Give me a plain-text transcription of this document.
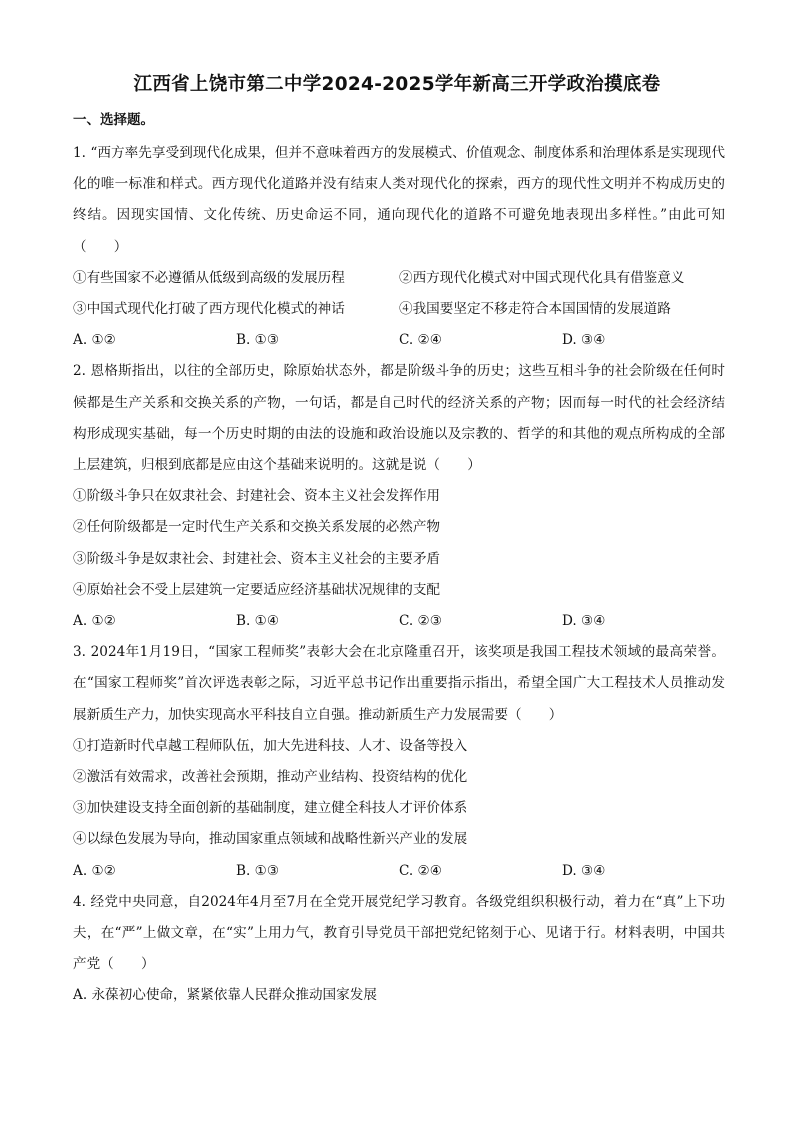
江西省上饶市第二中学2024-2025学年新高三开学政治摸底卷
一、选择题。

1. “西方率先享受到现代化成果，但并不意味着西方的发展模式、价值观念、制度体系和治理体系是实现现代化的唯一标准和样式。西方现代化道路并没有结束人类对现代化的探索，西方的现代性文明并不构成历史的终结。因现实国情、文化传统、历史命运不同，通向现代化的道路不可避免地表现出多样性。”由此可知（　　）

①有些国家不必遵循从低级到高级的发展历程	②西方现代化模式对中国式现代化具有借鉴意义
③中国式现代化打破了西方现代化模式的神话	④我国要坚定不移走符合本国国情的发展道路
A. ①②	B. ①③	C. ②④	D. ③④

2. 恩格斯指出，以往的全部历史，除原始状态外，都是阶级斗争的历史；这些互相斗争的社会阶级在任何时候都是生产关系和交换关系的产物，一句话，都是自己时代的经济关系的产物；因而每一时代的社会经济结构形成现实基础，每一个历史时期的由法的设施和政治设施以及宗教的、哲学的和其他的观点所构成的全部上层建筑，归根到底都是应由这个基础来说明的。这就是说（　　）

①阶级斗争只在奴隶社会、封建社会、资本主义社会发挥作用
②任何阶级都是一定时代生产关系和交换关系发展的必然产物
③阶级斗争是奴隶社会、封建社会、资本主义社会的主要矛盾
④原始社会不受上层建筑一定要适应经济基础状况规律的支配
A. ①②	B. ①④	C. ②③	D. ③④

3. 2024年1月19日，“国家工程师奖”表彰大会在北京隆重召开，该奖项是我国工程技术领域的最高荣誉。在“国家工程师奖”首次评选表彰之际，习近平总书记作出重要指示指出，希望全国广大工程技术人员推动发展新质生产力，加快实现高水平科技自立自强。推动新质生产力发展需要（　　）

①打造新时代卓越工程师队伍，加大先进科技、人才、设备等投入
②激活有效需求，改善社会预期，推动产业结构、投资结构的优化
③加快建设支持全面创新的基础制度，建立健全科技人才评价体系
④以绿色发展为导向，推动国家重点领域和战略性新兴产业的发展
A. ①②	B. ①③	C. ②④	D. ③④

4. 经党中央同意，自2024年4月至7月在全党开展党纪学习教育。各级党组织积极行动，着力在“真”上下功夫，在“严”上做文章，在“实”上用力气，教育引导党员干部把党纪铭刻于心、见诸于行。材料表明，中国共产党（　　）

A. 永葆初心使命，紧紧依靠人民群众推动国家发展
